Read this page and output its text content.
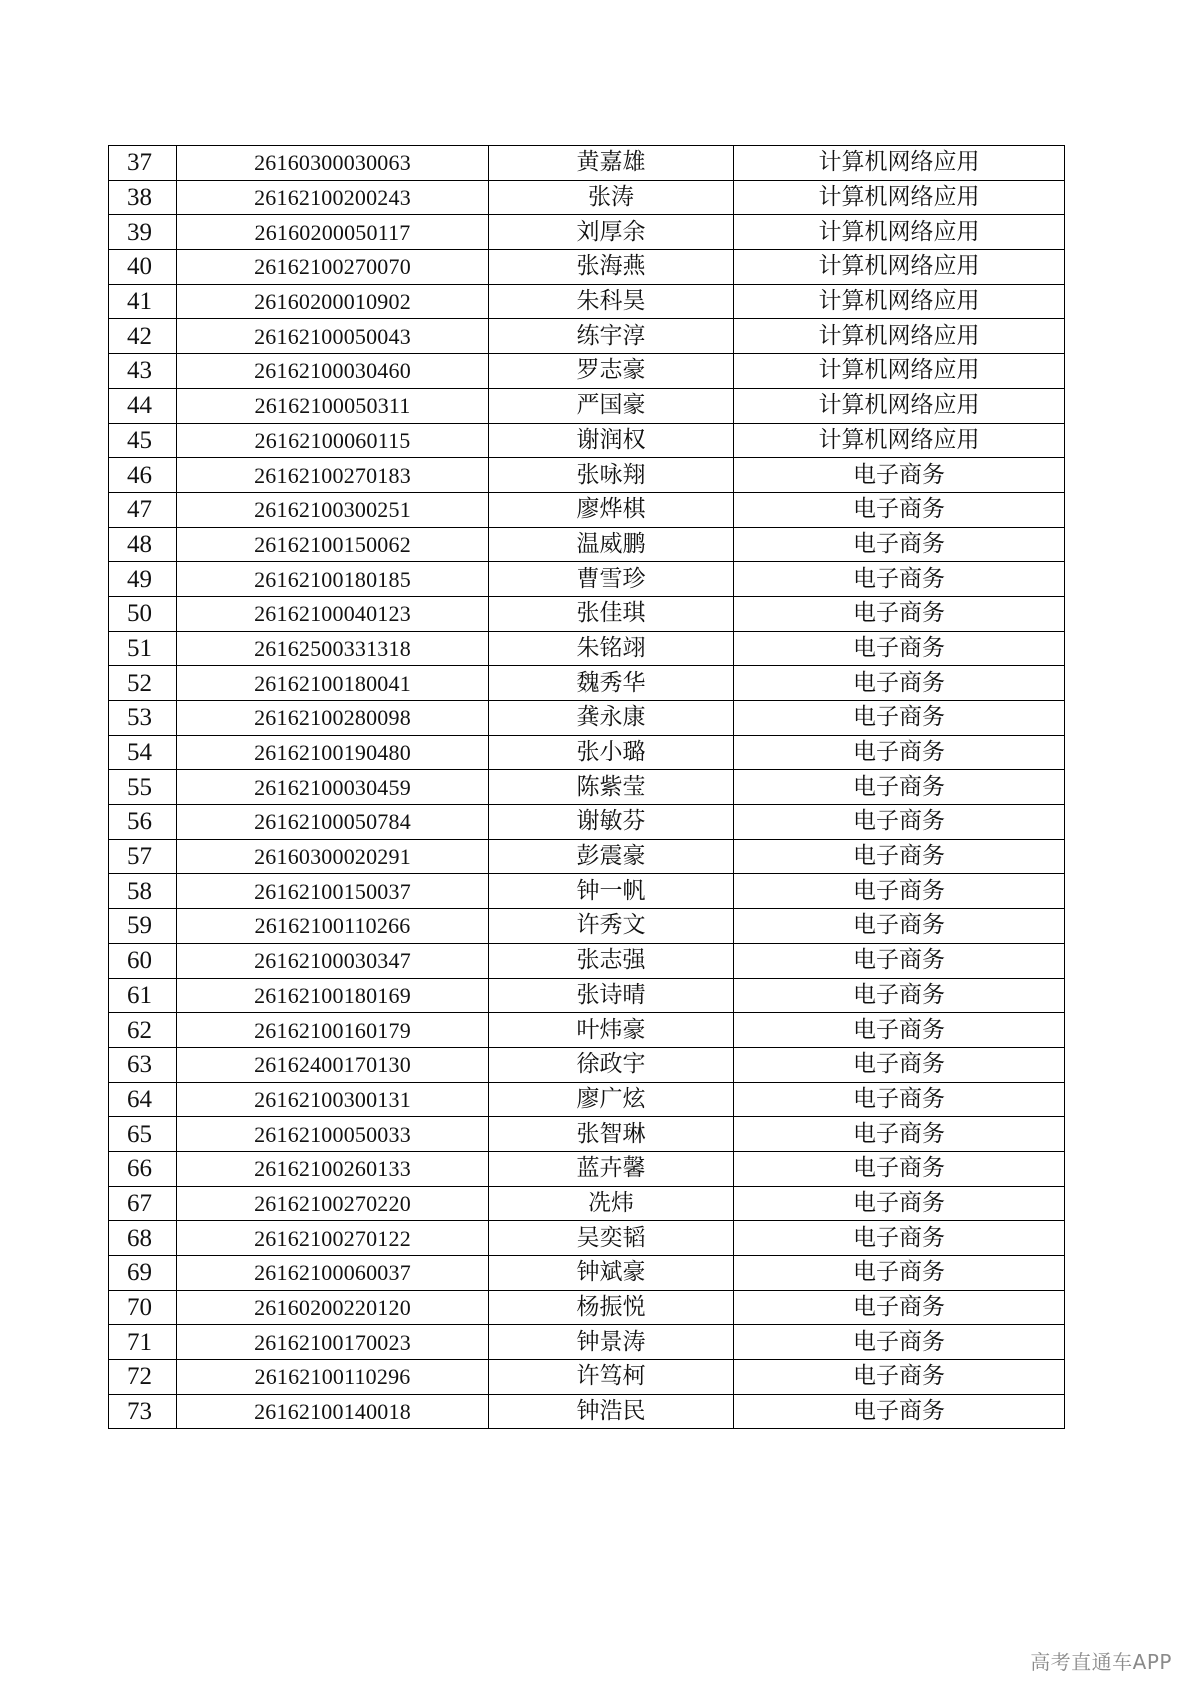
37	26160300030063	黄嘉雄	计算机网络应用
38	26162100200243	张涛	计算机网络应用
39	26160200050117	刘厚余	计算机网络应用
40	26162100270070	张海燕	计算机网络应用
41	26160200010902	朱科昊	计算机网络应用
42	26162100050043	练宇淳	计算机网络应用
43	26162100030460	罗志豪	计算机网络应用
44	26162100050311	严国豪	计算机网络应用
45	26162100060115	谢润权	计算机网络应用
46	26162100270183	张咏翔	电子商务
47	26162100300251	廖烨棋	电子商务
48	26162100150062	温威鹏	电子商务
49	26162100180185	曹雪珍	电子商务
50	26162100040123	张佳琪	电子商务
51	26162500331318	朱铭翊	电子商务
52	26162100180041	魏秀华	电子商务
53	26162100280098	龚永康	电子商务
54	26162100190480	张小璐	电子商务
55	26162100030459	陈紫莹	电子商务
56	26162100050784	谢敏芬	电子商务
57	26160300020291	彭震豪	电子商务
58	26162100150037	钟一帆	电子商务
59	26162100110266	许秀文	电子商务
60	26162100030347	张志强	电子商务
61	26162100180169	张诗晴	电子商务
62	26162100160179	叶炜豪	电子商务
63	26162400170130	徐政宇	电子商务
64	26162100300131	廖广炫	电子商务
65	26162100050033	张智琳	电子商务
66	26162100260133	蓝卉馨	电子商务
67	26162100270220	冼炜	电子商务
68	26162100270122	吴奕韬	电子商务
69	26162100060037	钟斌豪	电子商务
70	26160200220120	杨振悦	电子商务
71	26162100170023	钟景涛	电子商务
72	26162100110296	许笃柯	电子商务
73	26162100140018	钟浩民	电子商务
高考直通车APP
